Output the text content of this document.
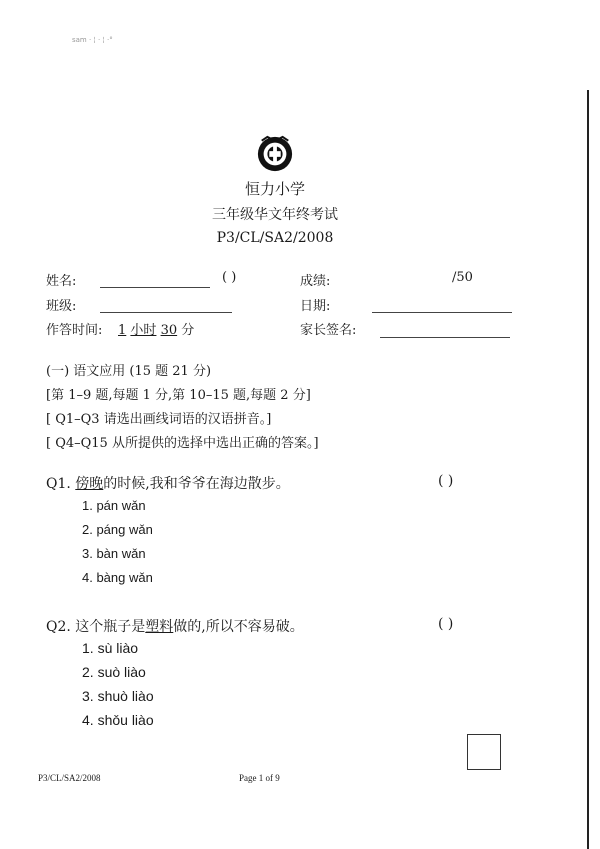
sam · ¦ · ¦ ·°
恒力小学
三年级华文年终考试
P3/CL/SA2/2008
姓名:	( )	成绩:	/50
班级:	日期:
作答时间: 1 小时 30 分	家长签名:
(一) 语文应用 (15 题 21 分)
[第 1–9 题,每题 1 分,第 10–15 题,每题 2 分]
[ Q1–Q3 请选出画线词语的汉语拼音。]
[ Q4–Q15 从所提供的选择中选出正确的答案。]
Q1. 傍晚的时候,我和爷爷在海边散步。	( )
1. pán wǎn
2. páng wǎn
3. bàn wǎn
4. bàng wǎn
Q2. 这个瓶子是塑料做的,所以不容易破。	( )
1. sù liào
2. suò liào
3. shuò liào
4. shǒu liào
P3/CL/SA2/2008	Page 1 of 9
